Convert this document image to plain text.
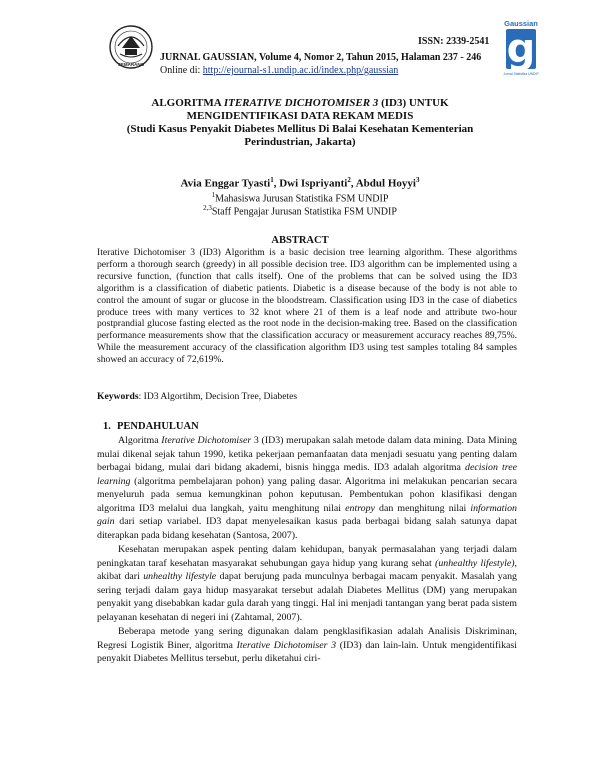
SEMARANG
ISSN: 2339-2541
Gaussian
g
Jurnal Statistika UNDIP
JURNAL GAUSSIAN, Volume 4, Nomor 2, Tahun 2015, Halaman 237 - 246
Online di: http://ejournal-s1.undip.ac.id/index.php/gaussian
ALGORITMA ITERATIVE DICHOTOMISER 3 (ID3) UNTUK
MENGIDENTIFIKASI DATA REKAM MEDIS
(Studi Kasus Penyakit Diabetes Mellitus Di Balai Kesehatan Kementerian
Perindustrian, Jakarta)
Avia Enggar Tyasti$^1$, Dwi Ispriyanti$^2$, Abdul Hoyyi$^3$
$^1$Mahasiswa Jurusan Statistika FSM UNDIP
$^{2,3}$Staff Pengajar Jurusan Statistika FSM UNDIP
ABSTRACT
Iterative Dichotomiser 3 (ID3) Algorithm is a basic decision tree learning algorithm. These algorithms perform a thorough search (greedy) in all possible decision tree. ID3 algorithm can be implemented using a recursive function, (function that calls itself). One of the problems that can be solved using the ID3 algorithm is a classification of diabetic patients. Diabetic is a disease because of the body is not able to control the amount of sugar or glucose in the bloodstream. Classification using ID3 in the case of diabetics produce trees with many vertices to 32 knot where 21 of them is a leaf node and attribute two-hour postprandial glucose fasting elected as the root node in the decision-making tree. Based on the classification performance measurements show that the classification accuracy or measurement accuracy reaches 89,75%. While the measurement accuracy of the classification algorithm ID3 using test samples totaling 84 samples showed an accuracy of 72,619%.
Keywords: ID3 Algortihm, Decision Tree, Diabetes
1. PENDAHULUAN

Algoritma Iterative Dichotomiser 3 (ID3) merupakan salah metode dalam data mining. Data Mining mulai dikenal sejak tahun 1990, ketika pekerjaan pemanfaatan data menjadi sesuatu yang penting dalam berbagai bidang, mulai dari bidang akademi, bisnis hingga medis. ID3 adalah algoritma decision tree learning (algoritma pembelajaran pohon) yang paling dasar. Algoritma ini melakukan pencarian secara menyeluruh pada semua kemungkinan pohon keputusan. Pembentukan pohon klasifikasi dengan algoritma ID3 melalui dua langkah, yaitu menghitung nilai entropy dan menghitung nilai information gain dari setiap variabel. ID3 dapat menyelesaikan kasus pada berbagai bidang salah satunya dapat diterapkan pada bidang kesehatan (Santosa, 2007).

Kesehatan merupakan aspek penting dalam kehidupan, banyak permasalahan yang terjadi dalam peningkatan taraf kesehatan masyarakat sehubungan gaya hidup yang kurang sehat (unhealthy lifestyle), akibat dari unhealthy lifestyle dapat berujung pada munculnya berbagai macam penyakit. Masalah yang sering terjadi dalam gaya hidup masyarakat tersebut adalah Diabetes Mellitus (DM) yang merupakan penyakit yang disebabkan kadar gula darah yang tinggi. Hal ini menjadi tantangan yang berat pada sistem pelayanan kesehatan di negeri ini (Zahtamal, 2007).

Beberapa metode yang sering digunakan dalam pengklasifikasian adalah Analisis Diskriminan, Regresi Logistik Biner, algoritma Iterative Dichotomiser 3 (ID3) dan lain-lain. Untuk mengidentifikasi penyakit Diabetes Mellitus tersebut, perlu diketahui ciri-
